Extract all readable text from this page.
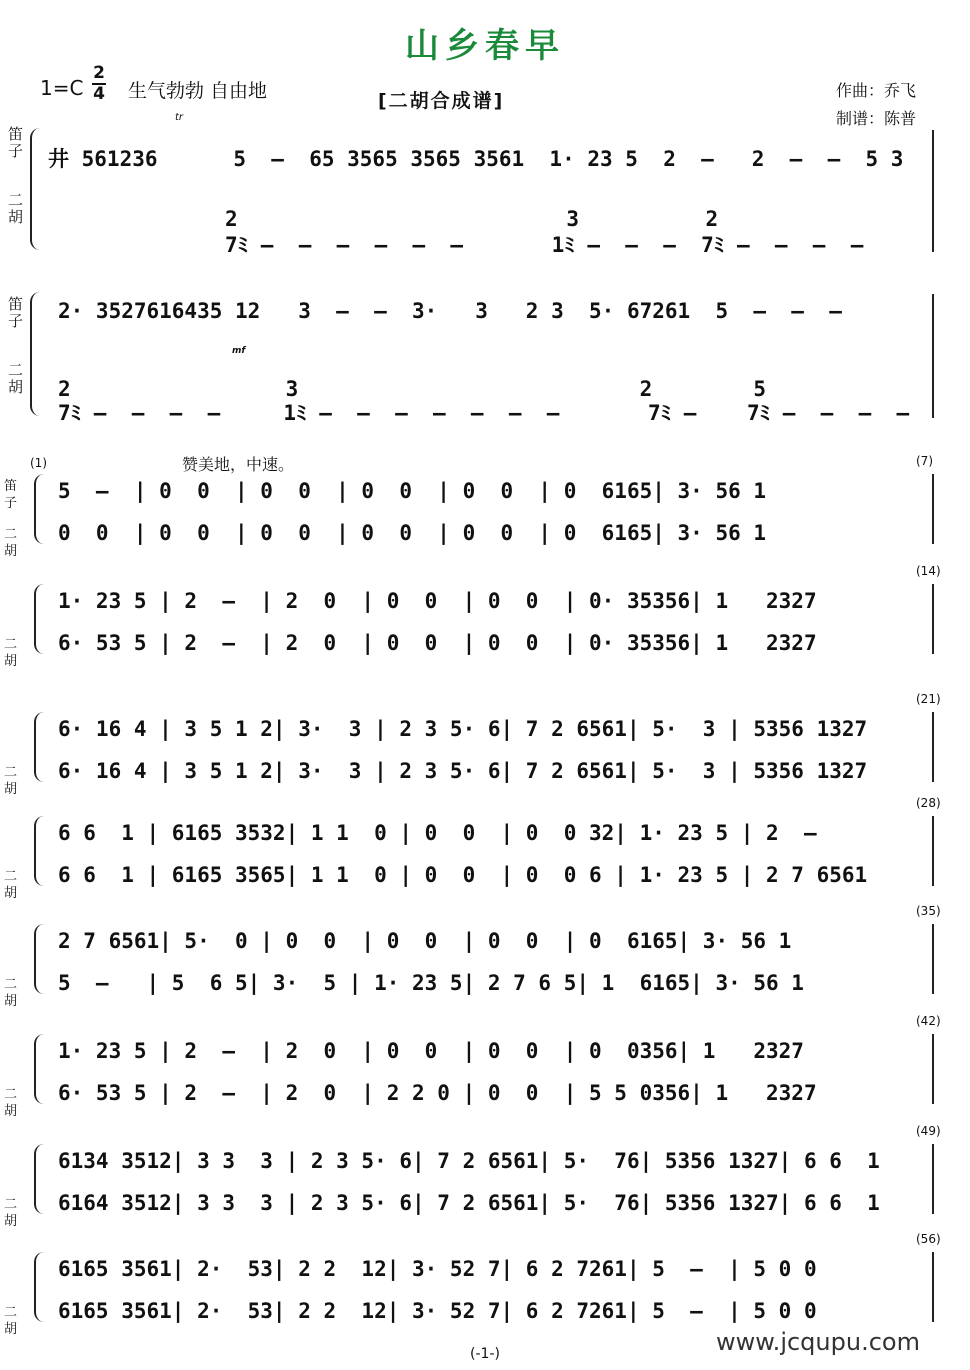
山乡春早
1=C
2
4 生气勃勃 自由地	[二胡合成谱]	作曲：乔飞
制谱：陈普
笛子
二胡
tr
井 561236      5  –  65 3565 3565 3561  1· 23 5  2  –   2  –  –  5 3
2                          3          2
7ﾐ –  –  –  –  –  –       1ﾐ –  –  –  7ﾐ –  –  –  –
笛子
二胡
2· 3527616435 12   3  –  –  3·   3   2 3  5· 67261  5  –  –  –
mf
2                 3                           2        5
7ﾐ –  –  –  –     1ﾐ –  –  –  –  –  –  –       7ﾐ –    7ﾐ –  –  –  –
赞美地，中速。
笛子
二胡
(1)	(7)
5  –  | 0  0  | 0  0  | 0  0  | 0  0  | 0  6165| 3· 56 1
0  0  | 0  0  | 0  0  | 0  0  | 0  0  | 0  6165| 3· 56 1
二胡
(14)
1· 23 5 | 2  –  | 2  0  | 0  0  | 0  0  | 0· 35356| 1   2327
6· 53 5 | 2  –  | 2  0  | 0  0  | 0  0  | 0· 35356| 1   2327
二胡
(21)
6· 16 4 | 3 5 1 2| 3·  3 | 2 3 5· 6| 7 2 6561| 5·  3 | 5356 1327
6· 16 4 | 3 5 1 2| 3·  3 | 2 3 5· 6| 7 2 6561| 5·  3 | 5356 1327
二胡
(28)
6 6  1 | 6165 3532| 1 1  0 | 0  0  | 0  0 32| 1· 23 5 | 2  –
6 6  1 | 6165 3565| 1 1  0 | 0  0  | 0  0 6 | 1· 23 5 | 2 7 6561
二胡
(35)
2 7 6561| 5·  0 | 0  0  | 0  0  | 0  0  | 0  6165| 3· 56 1
5  –   | 5  6 5| 3·  5 | 1· 23 5| 2 7 6 5| 1  6165| 3· 56 1
二胡
(42)
1· 23 5 | 2  –  | 2  0  | 0  0  | 0  0  | 0  0356| 1   2327
6· 53 5 | 2  –  | 2  0  | 2 2 0 | 0  0  | 5 5 0356| 1   2327
二胡
(49)
6134 3512| 3 3  3 | 2 3 5· 6| 7 2 6561| 5·  76| 5356 1327| 6 6  1
6164 3512| 3 3  3 | 2 3 5· 6| 7 2 6561| 5·  76| 5356 1327| 6 6  1
二胡
(56)
6165 3561| 2·  53| 2 2  12| 3· 52 7| 6 2 7261| 5  –  | 5 0 0
6165 3561| 2·  53| 2 2  12| 3· 52 7| 6 2 7261| 5  –  | 5 0 0
(-1-)	www.jcqupu.com
